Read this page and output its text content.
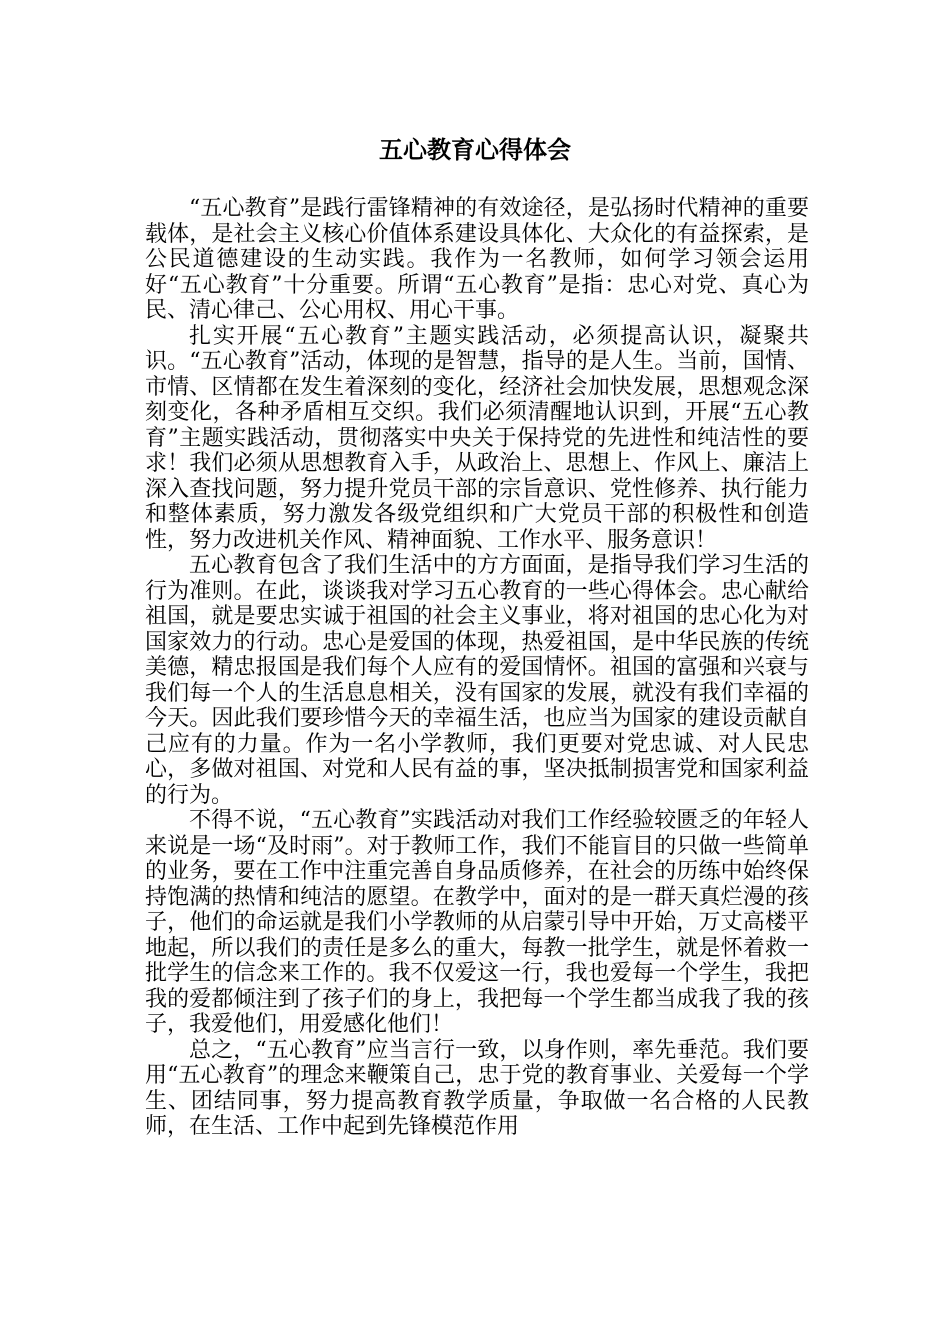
五心教育心得体会

“五心教育”是践行雷锋精神的有效途径，是弘扬时代精神的重要载体，是社会主义核心价值体系建设具体化、大众化的有益探索，是公民道德建设的生动实践。我作为一名教师，如何学习领会运用好“五心教育”十分重要。所谓“五心教育”是指：忠心对党、真心为民、清心律己、公心用权、用心干事。

扎实开展“五心教育”主题实践活动，必须提高认识，凝聚共识。“五心教育”活动，体现的是智慧，指导的是人生。当前，国情、市情、区情都在发生着深刻的变化，经济社会加快发展，思想观念深刻变化，各种矛盾相互交织。我们必须清醒地认识到，开展“五心教育”主题实践活动，贯彻落实中央关于保持党的先进性和纯洁性的要求！我们必须从思想教育入手，从政治上、思想上、作风上、廉洁上深入查找问题，努力提升党员干部的宗旨意识、党性修养、执行能力和整体素质，努力激发各级党组织和广大党员干部的积极性和创造性，努力改进机关作风、精神面貌、工作水平、服务意识！

五心教育包含了我们生活中的方方面面，是指导我们学习生活的行为准则。在此，谈谈我对学习五心教育的一些心得体会。忠心献给祖国，就是要忠实诚于祖国的社会主义事业，将对祖国的忠心化为对国家效力的行动。忠心是爱国的体现，热爱祖国，是中华民族的传统美德，精忠报国是我们每个人应有的爱国情怀。祖国的富强和兴衰与我们每一个人的生活息息相关，没有国家的发展，就没有我们幸福的今天。因此我们要珍惜今天的幸福生活，也应当为国家的建设贡献自己应有的力量。作为一名小学教师，我们更要对党忠诚、对人民忠心，多做对祖国、对党和人民有益的事，坚决抵制损害党和国家利益的行为。

不得不说，“五心教育”实践活动对我们工作经验较匮乏的年轻人来说是一场“及时雨”。对于教师工作，我们不能盲目的只做一些简单的业务，要在工作中注重完善自身品质修养，在社会的历练中始终保持饱满的热情和纯洁的愿望。在教学中，面对的是一群天真烂漫的孩子，他们的命运就是我们小学教师的从启蒙引导中开始，万丈高楼平地起，所以我们的责任是多么的重大，每教一批学生，就是怀着救一批学生的信念来工作的。我不仅爱这一行，我也爱每一个学生，我把我的爱都倾注到了孩子们的身上，我把每一个学生都当成我了我的孩子，我爱他们，用爱感化他们！

总之，“五心教育”应当言行一致，以身作则，率先垂范。我们要用“五心教育”的理念来鞭策自己，忠于党的教育事业、关爱每一个学生、团结同事，努力提高教育教学质量，争取做一名合格的人民教师，在生活、工作中起到先锋模范作用
